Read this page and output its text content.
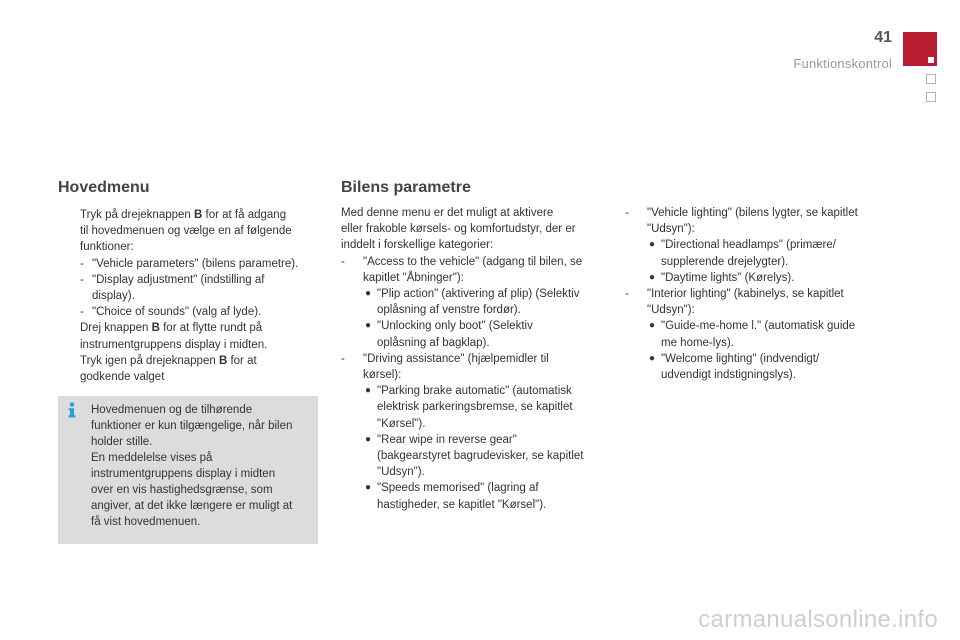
41
Funktionskontrol
Hovedmenu
Tryk på drejeknappen B for at få adgang
til hovedmenuen og vælge en af følgende
funktioner:
- "Vehicle parameters" (bilens parametre).
- "Display adjustment" (indstilling af
display).
- "Choice of sounds" (valg af lyde).
Drej knappen B for at flytte rundt på
instrumentgruppens display i midten.
Tryk igen på drejeknappen B for at
godkende valget
Hovedmenuen og de tilhørende
funktioner er kun tilgængelige, når bilen
holder stille.
En meddelelse vises på
instrumentgruppens display i midten
over en vis hastighedsgrænse, som
angiver, at det ikke længere er muligt at
få vist hovedmenuen.
Bilens parametre
Med denne menu er det muligt at aktivere
eller frakoble kørsels- og komfortudstyr, der er
inddelt i forskellige kategorier:
- "Access to the vehicle" (adgang til bilen, se
kapitlet "Åbninger"):
● "Plip action" (aktivering af plip) (Selektiv
oplåsning af venstre fordør).
● "Unlocking only boot" (Selektiv
oplåsning af bagklap).
- "Driving assistance" (hjælpemidler til
kørsel):
● "Parking brake automatic" (automatisk
elektrisk parkeringsbremse, se kapitlet
"Kørsel").
● "Rear wipe in reverse gear"
(bakgearstyret bagrudevisker, se kapitlet
"Udsyn").
● "Speeds memorised" (lagring af
hastigheder, se kapitlet "Kørsel").
- "Vehicle lighting" (bilens lygter, se kapitlet
"Udsyn"):
● "Directional headlamps" (primære/
supplerende drejelygter).
● "Daytime lights" (Kørelys).
- "Interior lighting" (kabinelys, se kapitlet
"Udsyn"):
● "Guide-me-home l." (automatisk guide
me home-lys).
● "Welcome lighting" (indvendigt/
udvendigt indstigningslys).
carmanualsonline.info
